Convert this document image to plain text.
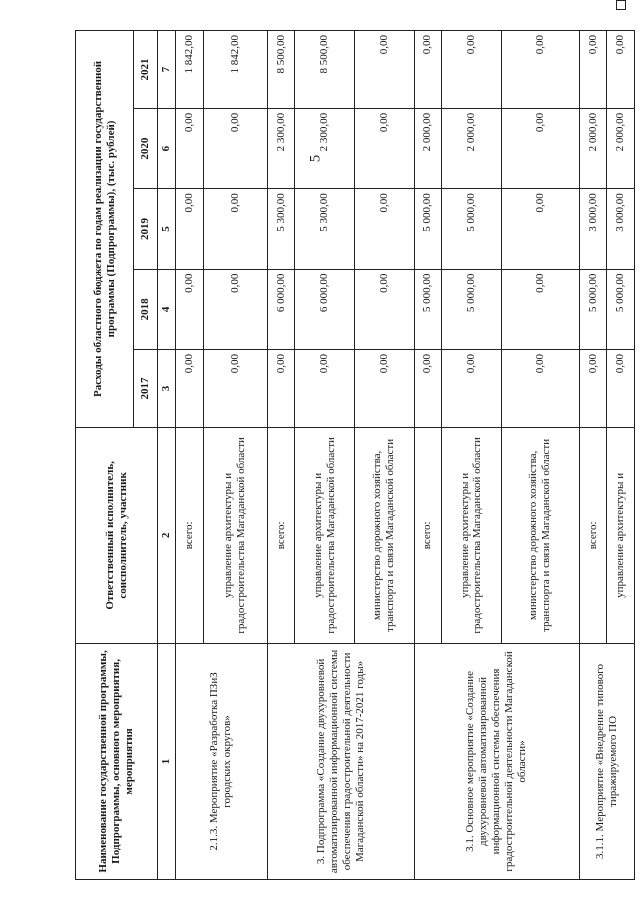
5
Наименование государственной программы, Подпрограммы, основного мероприятия, мероприятия	Ответственный исполнитель, соисполнитель, участник	Расходы областного бюджета по годам реализации государственной программы (Подпрограммы), (тыс. рублей)				
		2017	2018	2019	2020	2021
1	2	3	4	5	6	7
2.1.3. Мероприятие «Разработка ПЗиЗ городских округов»	всего:	0,00	0,00	0,00	0,00	1 842,00
	управление архитектуры и градостроительства Магаданской области	0,00	0,00	0,00	0,00	1 842,00
3. Подпрограмма «Создание двухуровневой автоматизированной информационной системы обеспечения градостроительной деятельности Магаданской области» на 2017-2021 годы»	всего:	0,00	6 000,00	5 300,00	2 300,00	8 500,00
	управление архитектуры и градостроительства Магаданской области	0,00	6 000,00	5 300,00	2 300,00	8 500,00
	министерство дорожного хозяйства, транспорта и связи Магаданской области	0,00	0,00	0,00	0,00	0,00
3.1. Основное мероприятие «Создание двухуровневой автоматизированной информационной системы обеспечения градостроительной деятельности Магаданской области»	всего:	0,00	5 000,00	5 000,00	2 000,00	0,00
	управление архитектуры и градостроительства Магаданской области	0,00	5 000,00	5 000,00	2 000,00	0,00
	министерство дорожного хозяйства, транспорта и связи Магаданской области	0,00	0,00	0,00	0,00	0,00
3.1.1. Мероприятие «Внедрение типового тиражируемого ПО	всего:	0,00	5 000,00	3 000,00	2 000,00	0,00
	управление архитектуры и	0,00	5 000,00	3 000,00	2 000,00	0,00
